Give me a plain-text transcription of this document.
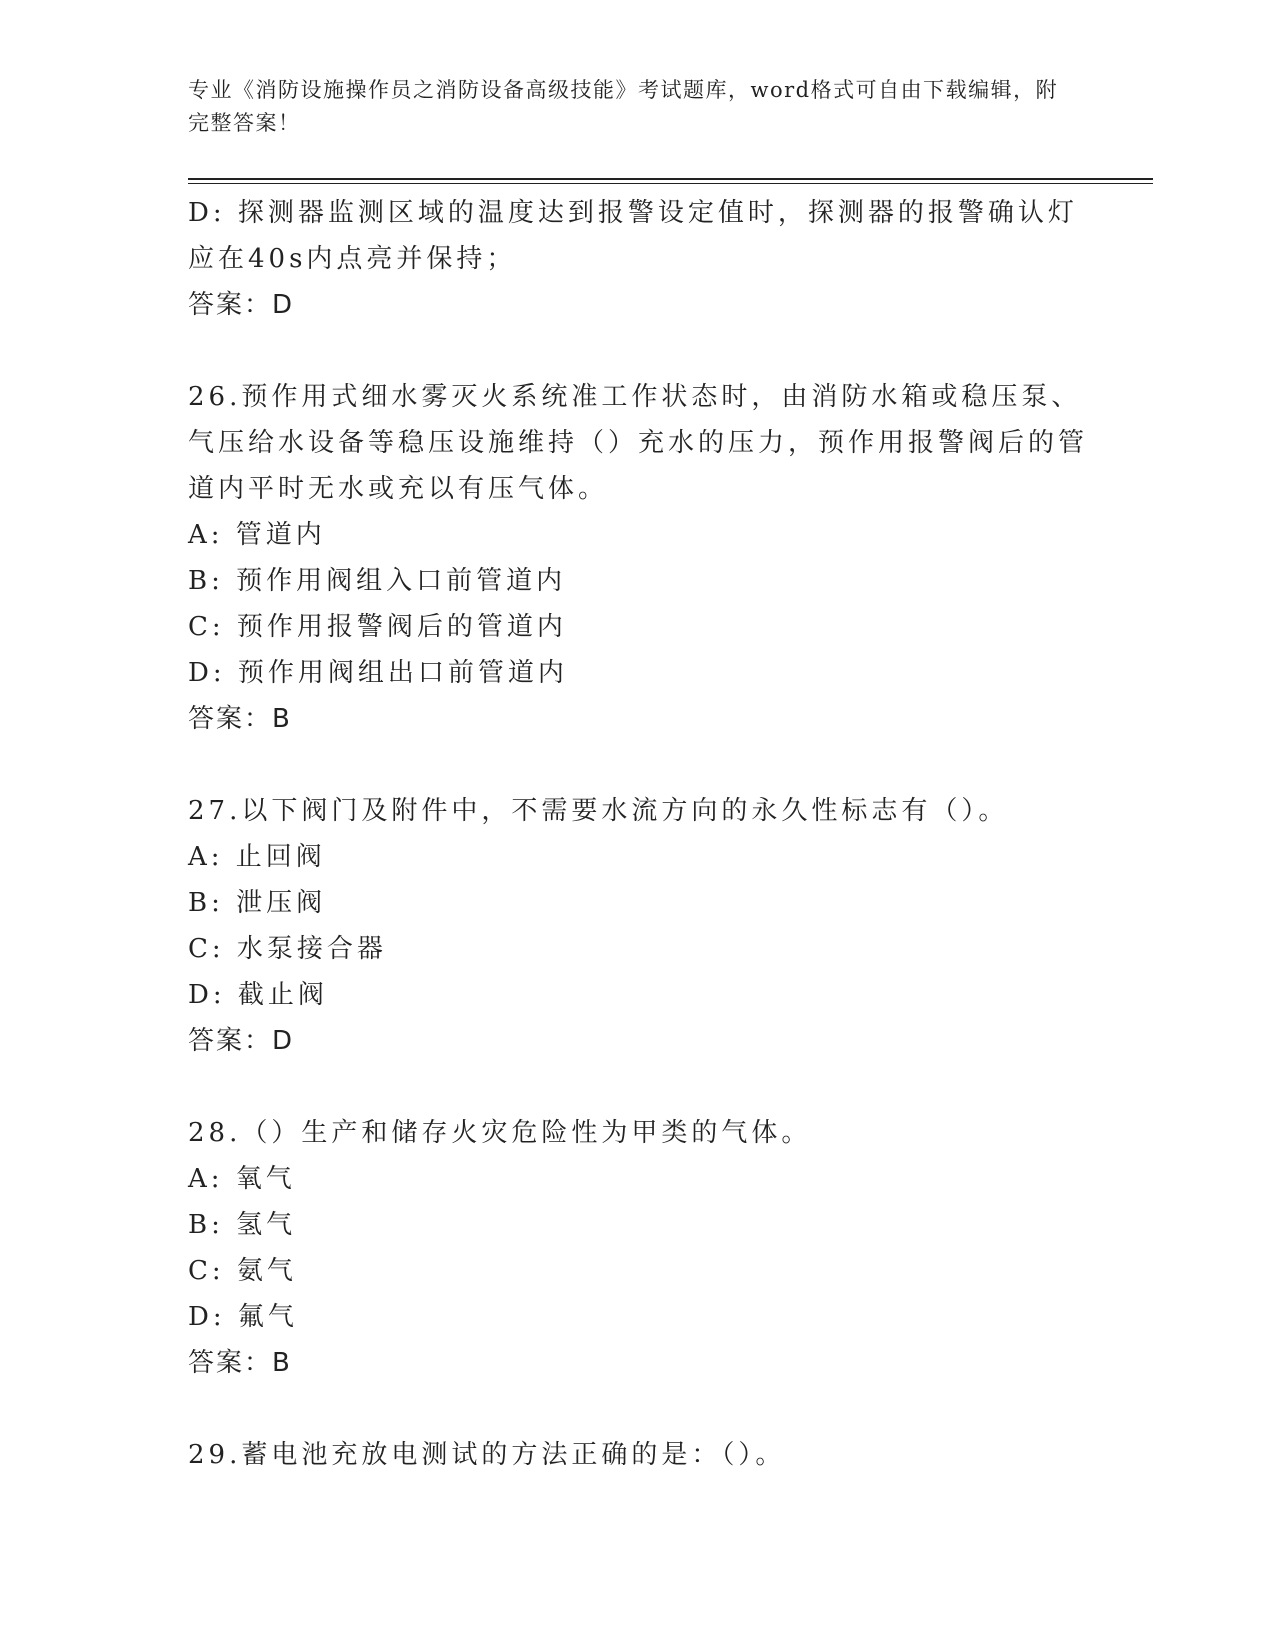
专业《消防设施操作员之消防设备高级技能》考试题库，word格式可自由下载编辑，附完整答案！
D: 探测器监测区域的温度达到报警设定值时，探测器的报警确认灯应在40s内点亮并保持；
答案：D
26.预作用式细水雾灭火系统准工作状态时，由消防水箱或稳压泵、气压给水设备等稳压设施维持（）充水的压力，预作用报警阀后的管道内平时无水或充以有压气体。
A: 管道内
B: 预作用阀组入口前管道内
C: 预作用报警阀后的管道内
D: 预作用阀组出口前管道内
答案：B
27.以下阀门及附件中，不需要水流方向的永久性标志有（）。
A: 止回阀
B: 泄压阀
C: 水泵接合器
D: 截止阀
答案：D
28.（）生产和储存火灾危险性为甲类的气体。
A: 氧气
B: 氢气
C: 氨气
D: 氟气
答案：B
29.蓄电池充放电测试的方法正确的是：（）。
